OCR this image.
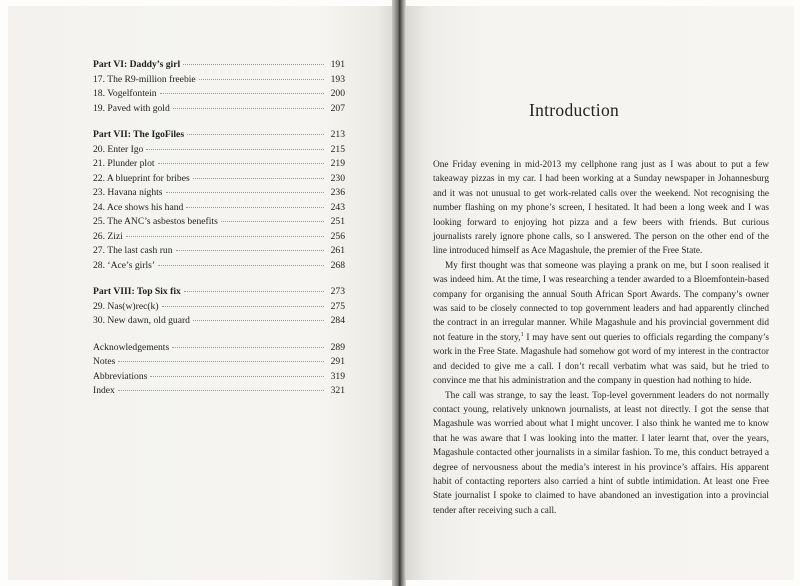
Part VI: Daddy’s girl	191
17. The R9-million freebie	193
18. Vogelfontein	200
19. Paved with gold	207
Part VII: The IgoFiles	213
20. Enter Igo	215
21. Plunder plot	219
22. A blueprint for bribes	230
23. Havana nights	236
24. Ace shows his hand	243
25. The ANC’s asbestos benefits	251
26. Zizi	256
27. The last cash run	261
28. ‘Ace’s girls’	268
Part VIII: Top Six fix	273
29. Nas(w)rec(k)	275
30. New dawn, old guard	284
Acknowledgements	289
Notes	291
Abbreviations	319
Index	321
Introduction

One Friday evening in mid-2013 my cellphone rang just as I was about to put a few takeaway pizzas in my car. I had been working at a Sunday newspaper in Johannesburg and it was not unusual to get work-related calls over the weekend. Not recognising the number flashing on my phone’s screen, I hesitated. It had been a long week and I was looking forward to enjoying hot pizza and a few beers with friends. But curious journalists rarely ignore phone calls, so I answered. The person on the other end of the line introduced himself as Ace Magashule, the premier of the Free State.

My first thought was that someone was playing a prank on me, but I soon realised it was indeed him. At the time, I was researching a tender awarded to a Bloemfontein-based company for organising the annual South African Sport Awards. The company’s owner was said to be closely connected to top government leaders and had apparently clinched the contract in an irregular manner. While Magashule and his provincial government did not feature in the story,$^1$ I may have sent out queries to officials regarding the company’s work in the Free State. Magashule had somehow got word of my interest in the contractor and decided to give me a call. I don’t recall verbatim what was said, but he tried to convince me that his administration and the company in question had nothing to hide.

The call was strange, to say the least. Top-level government leaders do not normally contact young, relatively unknown journalists, at least not directly. I got the sense that Magashule was worried about what I might uncover. I also think he wanted me to know that he was aware that I was looking into the matter. I later learnt that, over the years, Magashule contacted other journalists in a similar fashion. To me, this conduct betrayed a degree of nervousness about the media’s interest in his province’s affairs. His apparent habit of contacting reporters also carried a hint of subtle intimidation. At least one Free State journalist I spoke to claimed to have abandoned an investigation into a provincial tender after receiving such a call.
